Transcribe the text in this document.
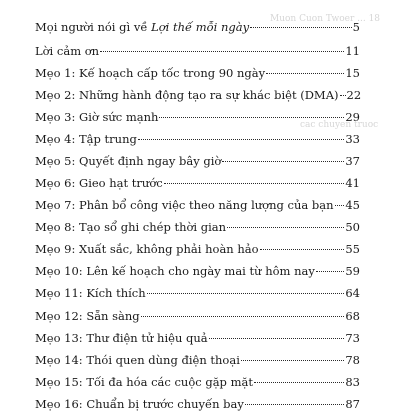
Muon Cuon Twoer ... 18
cac chuyen truoc
Mọi người nói gì về Lợi thế mỗi ngày	5
Lời cảm ơn	11
Mẹo 1: Kế hoạch cấp tốc trong 90 ngày	15
Mẹo 2: Những hành động tạo ra sự khác biệt (DMA) 22
Mẹo 3: Giờ sức mạnh	29
Mẹo 4: Tập trung	33
Mẹo 5: Quyết định ngay bây giờ	37
Mẹo 6: Gieo hạt trước	41
Mẹo 7: Phân bổ công việc theo năng lượng của bạn 45
Mẹo 8: Tạo sổ ghi chép thời gian	50
Mẹo 9: Xuất sắc, không phải hoàn hảo	55
Mẹo 10: Lên kế hoạch cho ngày mai từ hôm nay	59
Mẹo 11: Kích thích	64
Mẹo 12: Sẵn sàng	68
Mẹo 13: Thư điện tử hiệu quả	73
Mẹo 14: Thói quen dùng điện thoại	78
Mẹo 15: Tối đa hóa các cuộc gặp mặt	83
Mẹo 16: Chuẩn bị trước chuyến bay	87
